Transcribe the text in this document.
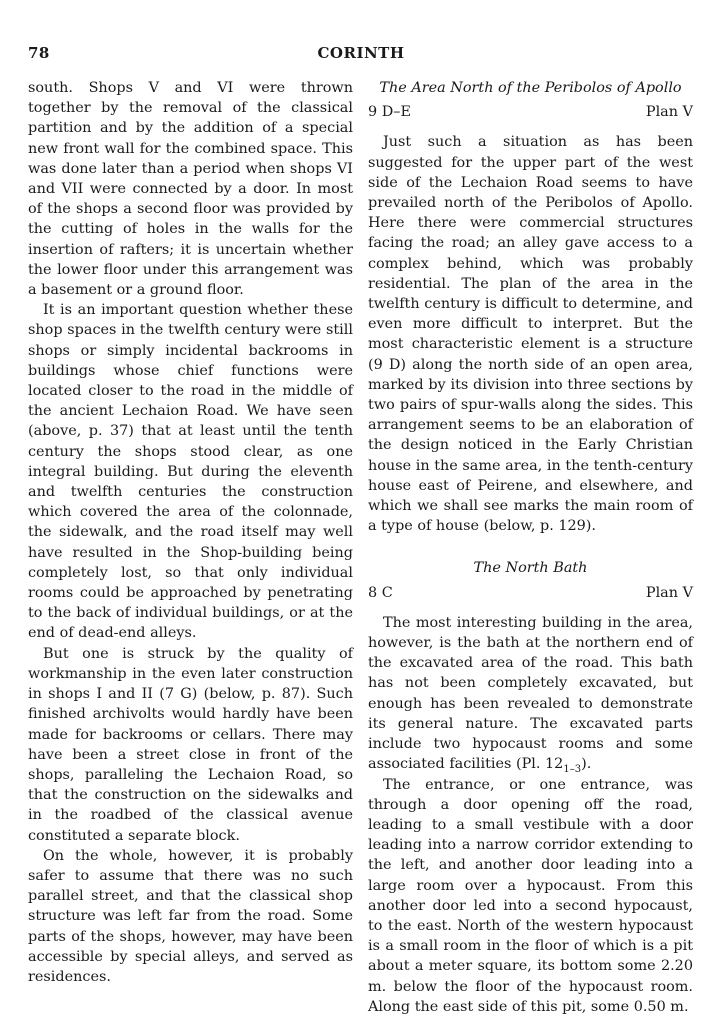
78	CORINTH

south. Shops V and VI were thrown together by the removal of the classical partition and by the addition of a special new front wall for the combined space. This was done later than a period when shops VI and VII were connected by a door. In most of the shops a second floor was provided by the cutting of holes in the walls for the insertion of rafters; it is uncertain whether the lower floor under this arrangement was a basement or a ground floor.

It is an important question whether these shop spaces in the twelfth century were still shops or simply incidental backrooms in buildings whose chief functions were located closer to the road in the middle of the ancient Lechaion Road. We have seen (above, p. 37) that at least until the tenth century the shops stood clear, as one integral building. But during the eleventh and twelfth centuries the construction which covered the area of the colonnade, the sidewalk, and the road itself may well have resulted in the Shop-building being completely lost, so that only individual rooms could be approached by penetrating to the back of individual buildings, or at the end of dead-end alleys.

But one is struck by the quality of workmanship in the even later construction in shops I and II (7 G) (below, p. 87). Such finished archivolts would hardly have been made for backrooms or cellars. There may have been a street close in front of the shops, paralleling the Lechaion Road, so that the construction on the sidewalks and in the roadbed of the classical avenue constituted a separate block.

On the whole, however, it is probably safer to assume that there was no such parallel street, and that the classical shop structure was left far from the road. Some parts of the shops, however, may have been accessible by special alleys, and served as residences.

The Area North of the Peribolos of Apollo
9 D–E	Plan V

Just such a situation as has been suggested for the upper part of the west side of the Lechaion Road seems to have prevailed north of the Peribolos of Apollo. Here there were commercial structures facing the road; an alley gave access to a complex behind, which was probably residential. The plan of the area in the twelfth century is difficult to determine, and even more difficult to interpret. But the most characteristic element is a structure (9 D) along the north side of an open area, marked by its division into three sections by two pairs of spur-walls along the sides. This arrangement seems to be an elaboration of the design noticed in the Early Christian house in the same area, in the tenth-century house east of Peirene, and elsewhere, and which we shall see marks the main room of a type of house (below, p. 129).

The North Bath
8 C	Plan V

The most interesting building in the area, however, is the bath at the northern end of the excavated area of the road. This bath has not been completely excavated, but enough has been revealed to demonstrate its general nature. The excavated parts include two hypocaust rooms and some associated facilities (Pl. $12_{1-3}$).

The entrance, or one entrance, was through a door opening off the road, leading to a small vestibule with a door leading into a narrow corridor extending to the left, and another door leading into a large room over a hypocaust. From this another door led into a second hypocaust, to the east. North of the western hypocaust is a small room in the floor of which is a pit about a meter square, its bottom some 2.20 m. below the floor of the hypocaust room. Along the east side of this pit, some 0.50 m.
